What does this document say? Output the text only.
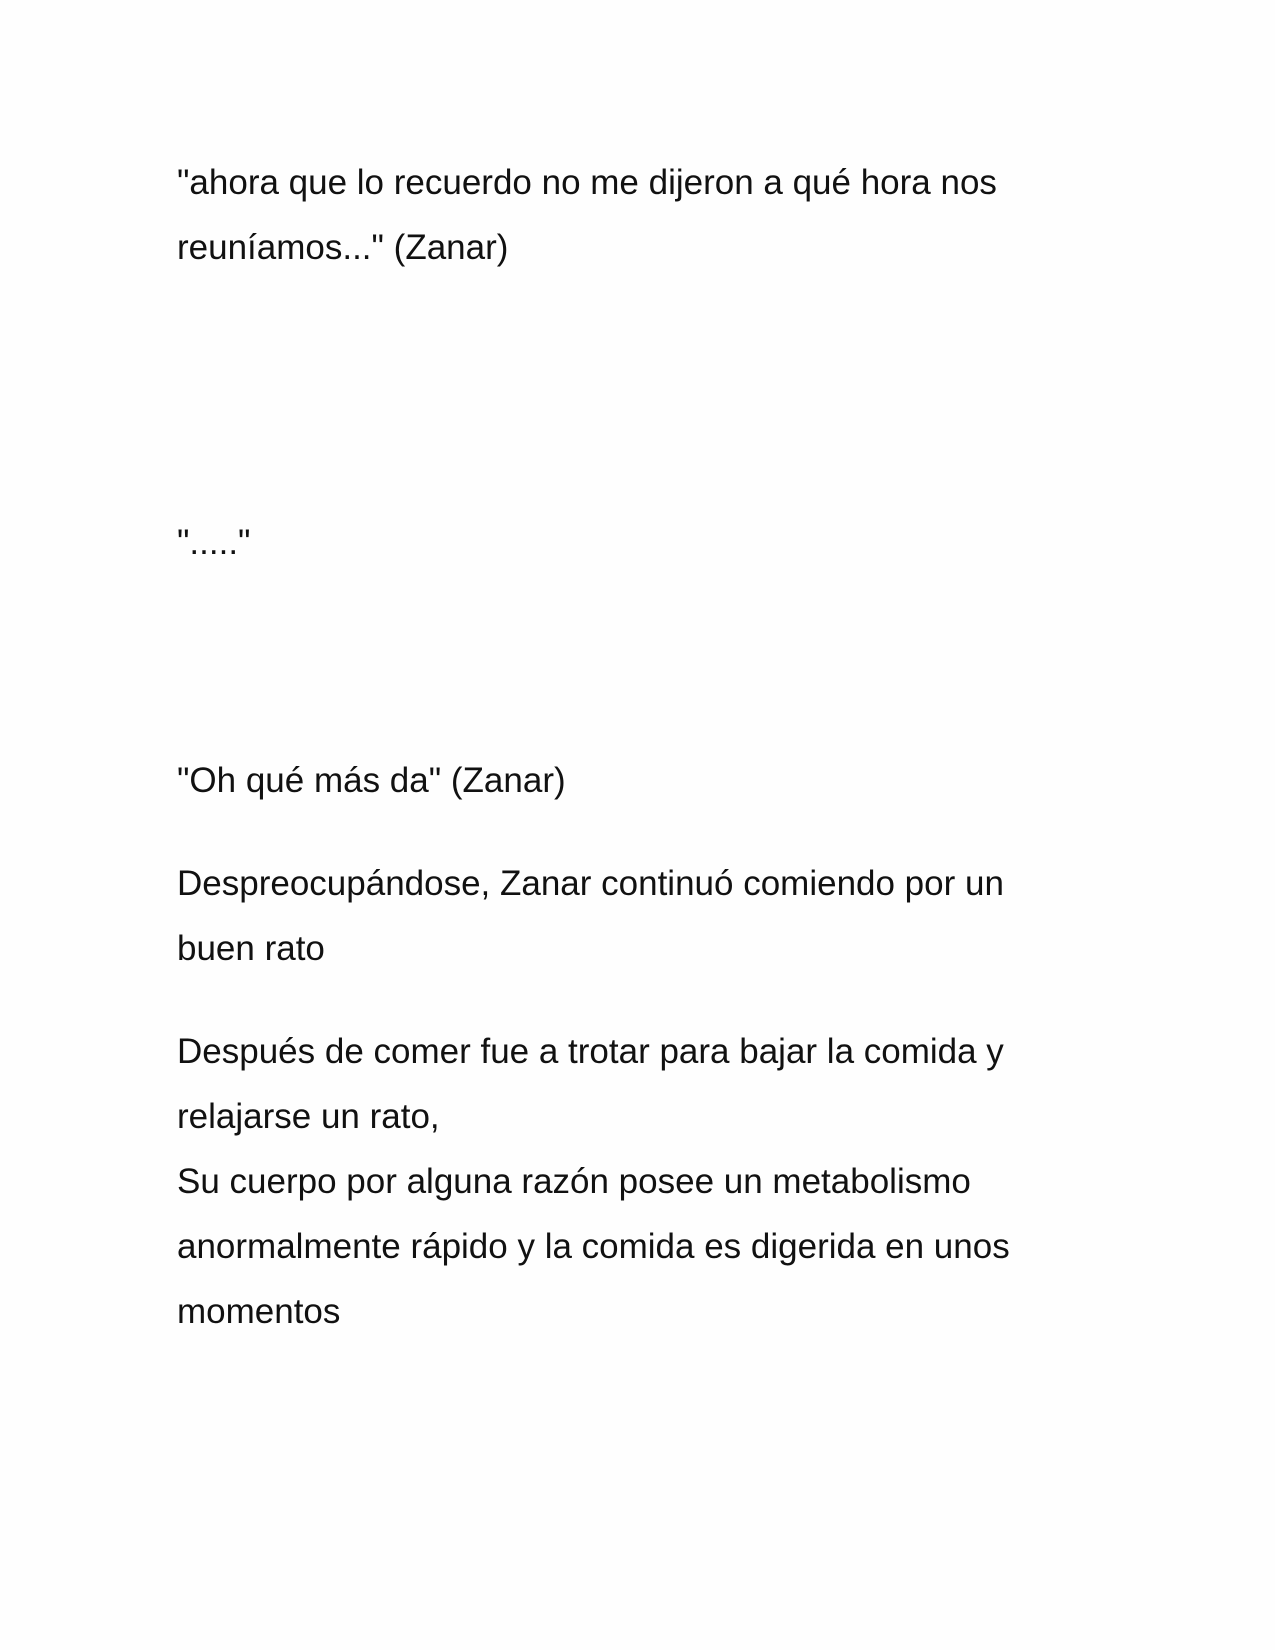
"ahora que lo recuerdo no me dijeron a qué hora nos

reuníamos..." (Zanar)

"....."

"Oh qué más da" (Zanar)

Despreocupándose, Zanar continuó comiendo por un

buen rato

Después de comer fue a trotar para bajar la comida y

relajarse un rato,

Su cuerpo por alguna razón posee un metabolismo

anormalmente rápido y la comida es digerida en unos

momentos
